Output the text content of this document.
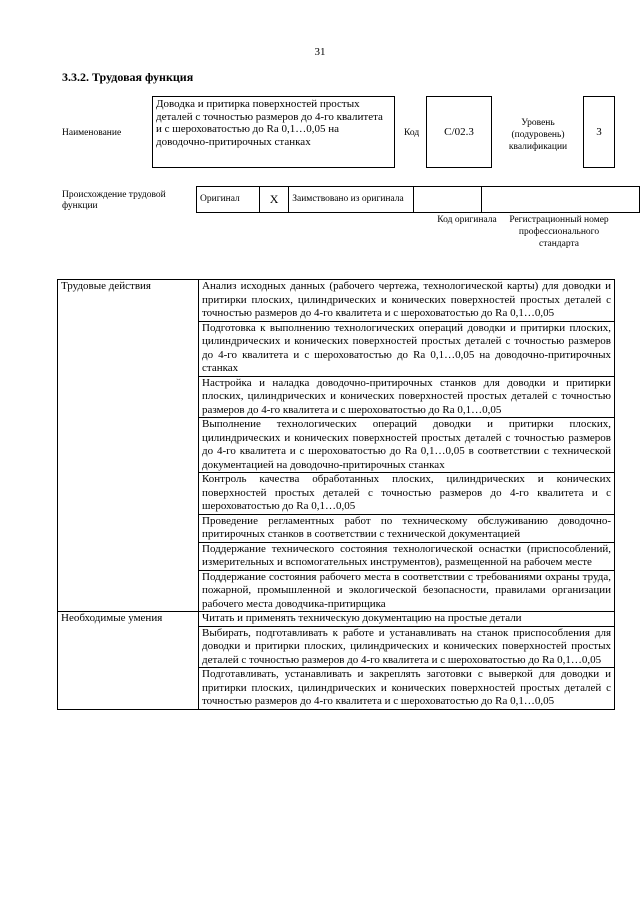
31
3.3.2. Трудовая функция
Наименование
Доводка и притирка поверхностей простых деталей с точностью размеров до 4-го квалитета и с шероховатостью до Ra 0,1…0,05 на доводочно-притирочных станках
Код	C/02.3
Уровень (подуровень) квалификации
3
Происхождение трудовой функции
Оригинал	X	Заимствовано из оригинала		
Код оригинала	Регистрационный номер профессионального стандарта
Трудовые действия	Анализ исходных данных (рабочего чертежа, технологической карты) для доводки и притирки плоских, цилиндрических и конических поверхностей простых деталей с точностью размеров до 4-го квалитета и с шероховатостью до Ra 0,1…0,05
	Подготовка к выполнению технологических операций доводки и притирки плоских, цилиндрических и конических поверхностей простых деталей с точностью размеров до 4-го квалитета и с шероховатостью до Ra 0,1…0,05 на доводочно-притирочных станках
	Настройка и наладка доводочно-притирочных станков для доводки и притирки плоских, цилиндрических и конических поверхностей простых деталей с точностью размеров до 4-го квалитета и с шероховатостью до Ra 0,1…0,05
	Выполнение технологических операций доводки и притирки плоских, цилиндрических и конических поверхностей простых деталей с точностью размеров до 4-го квалитета и с шероховатостью до Ra 0,1…0,05 в соответствии с технической документацией на доводочно-притирочных станках
	Контроль качества обработанных плоских, цилиндрических и конических поверхностей простых деталей с точностью размеров до 4-го квалитета и с шероховатостью до Ra 0,1…0,05
	Проведение регламентных работ по техническому обслуживанию доводочно-притирочных станков в соответствии с технической документацией
	Поддержание технического состояния технологической оснастки (приспособлений, измерительных и вспомогательных инструментов), размещенной на рабочем месте
	Поддержание состояния рабочего места в соответствии с требованиями охраны труда, пожарной, промышленной и экологической безопасности, правилами организации рабочего места доводчика-притирщика
Необходимые умения	Читать и применять техническую документацию на простые детали
	Выбирать, подготавливать к работе и устанавливать на станок приспособления для доводки и притирки плоских, цилиндрических и конических поверхностей простых деталей с точностью размеров до 4-го квалитета и с шероховатостью до Ra 0,1…0,05
	Подготавливать, устанавливать и закреплять заготовки с выверкой для доводки и притирки плоских, цилиндрических и конических поверхностей простых деталей с точностью размеров до 4-го квалитета и с шероховатостью до Ra 0,1…0,05
